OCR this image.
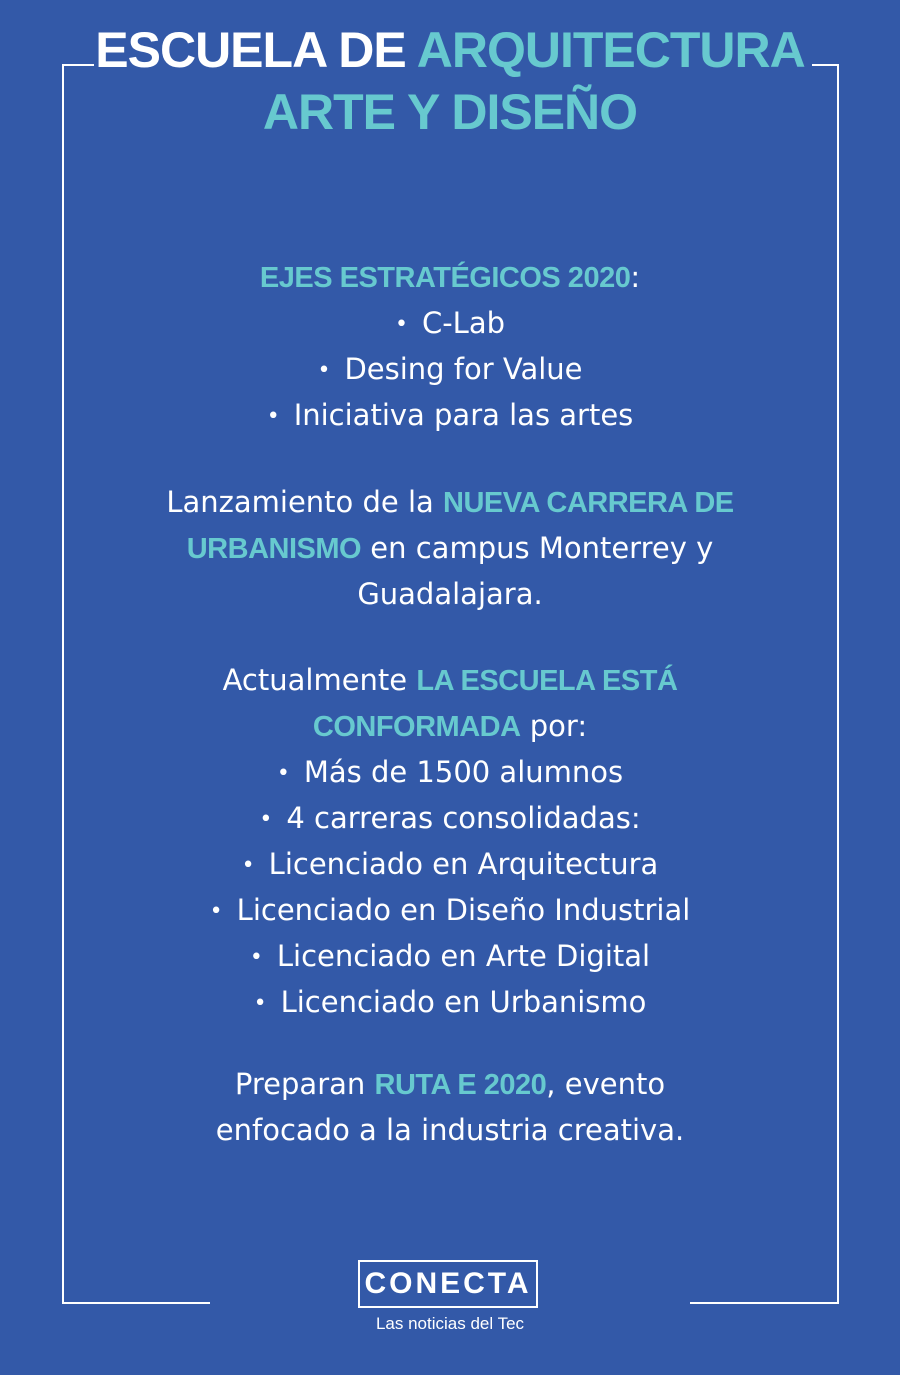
ESCUELA DE ARQUITECTURA
ARTE Y DISEÑO
EJES ESTRATÉGICOS 2020:
• C-Lab
• Desing for Value
• Iniciativa para las artes
Lanzamiento de la NUEVA CARRERA DE URBANISMO en campus Monterrey y Guadalajara.
Actualmente LA ESCUELA ESTÁ CONFORMADA por:
• Más de 1500 alumnos
• 4 carreras consolidadas:
• Licenciado en Arquitectura
• Licenciado en Diseño Industrial
• Licenciado en Arte Digital
• Licenciado en Urbanismo
Preparan RUTA E 2020, evento enfocado a la industria creativa.
CONECTA
Las noticias del Tec
